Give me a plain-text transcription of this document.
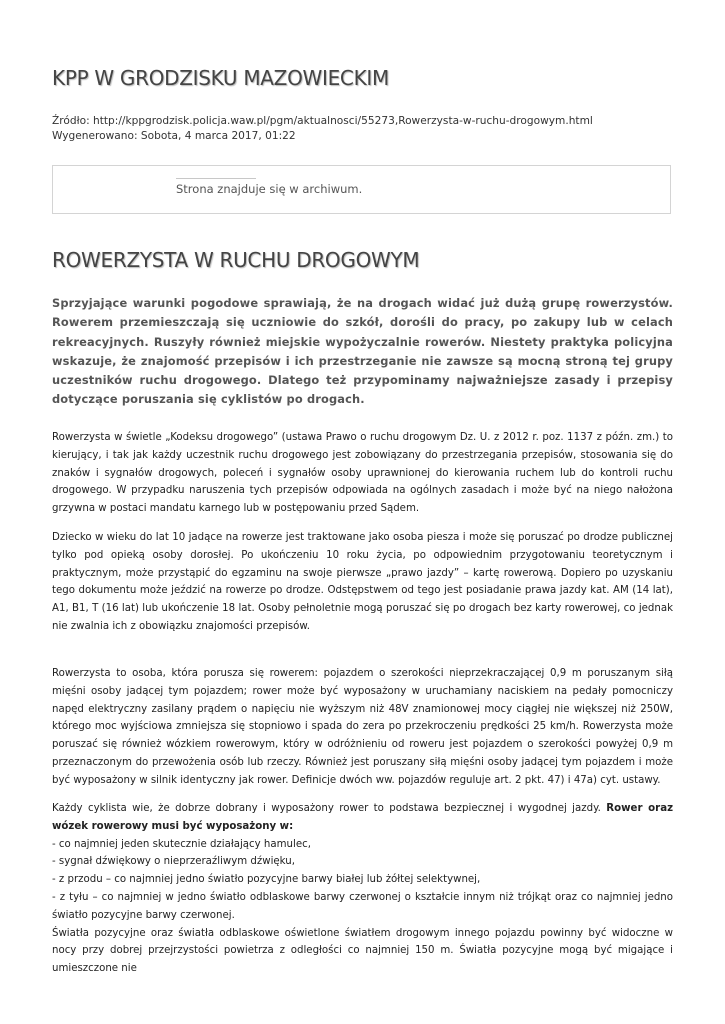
KPP W GRODZISKU MAZOWIECKIM
Źródło: http://kppgrodzisk.policja.waw.pl/pgm/aktualnosci/55273,Rowerzysta-w-ruchu-drogowym.html
Wygenerowano: Sobota, 4 marca 2017, 01:22
Strona znajduje się w archiwum.
ROWERZYSTA W RUCHU DROGOWYM

Sprzyjające warunki pogodowe sprawiają, że na drogach widać już dużą grupę rowerzystów. Rowerem przemieszczają się uczniowie do szkół, dorośli do pracy, po zakupy lub w celach rekreacyjnych. Ruszyły również miejskie wypożyczalnie rowerów. Niestety praktyka policyjna wskazuje, że znajomość przepisów i ich przestrzeganie nie zawsze są mocną stroną tej grupy uczestników ruchu drogowego. Dlatego też przypominamy najważniejsze zasady i przepisy dotyczące poruszania się cyklistów po drogach.

Rowerzysta w świetle „Kodeksu drogowego” (ustawa Prawo o ruchu drogowym Dz. U. z 2012 r. poz. 1137 z późn. zm.) to kierujący, i tak jak każdy uczestnik ruchu drogowego jest zobowiązany do przestrzegania przepisów, stosowania się do znaków i sygnałów drogowych, poleceń i sygnałów osoby uprawnionej do kierowania ruchem lub do kontroli ruchu drogowego. W przypadku naruszenia tych przepisów odpowiada na ogólnych zasadach i może być na niego nałożona grzywna w postaci mandatu karnego lub w postępowaniu przed Sądem.

Dziecko w wieku do lat 10 jadące na rowerze jest traktowane jako osoba piesza i może się poruszać po drodze publicznej tylko pod opieką osoby dorosłej. Po ukończeniu 10 roku życia, po odpowiednim przygotowaniu teoretycznym i praktycznym, może przystąpić do egzaminu na swoje pierwsze „prawo jazdy” – kartę rowerową. Dopiero po uzyskaniu tego dokumentu może jeździć na rowerze po drodze. Odstępstwem od tego jest posiadanie prawa jazdy kat. AM (14 lat), A1, B1, T (16 lat) lub ukończenie 18 lat. Osoby pełnoletnie mogą poruszać się po drogach bez karty rowerowej, co jednak nie zwalnia ich z obowiązku znajomości przepisów.

Rowerzysta to osoba, która porusza się rowerem: pojazdem o szerokości nieprzekraczającej 0,9 m poruszanym siłą mięśni osoby jadącej tym pojazdem; rower może być wyposażony w uruchamiany naciskiem na pedały pomocniczy napęd elektryczny zasilany prądem o napięciu nie wyższym niż 48V znamionowej mocy ciągłej nie większej niż 250W, którego moc wyjściowa zmniejsza się stopniowo i spada do zera po przekroczeniu prędkości 25 km/h. Rowerzysta może poruszać się również wózkiem rowerowym, który w odróżnieniu od roweru jest pojazdem o szerokości powyżej 0,9 m przeznaczonym do przewożenia osób lub rzeczy. Również jest poruszany siłą mięśni osoby jadącej tym pojazdem i może być wyposażony w silnik identyczny jak rower. Definicje dwóch ww. pojazdów reguluje art. 2 pkt. 47) i 47a) cyt. ustawy.

Każdy cyklista wie, że dobrze dobrany i wyposażony rower to podstawa bezpiecznej i wygodnej jazdy. Rower oraz wózek rowerowy musi być wyposażony w:
- co najmniej jeden skutecznie działający hamulec,
- sygnał dźwiękowy o nieprzeraźliwym dźwięku,
- z przodu – co najmniej jedno światło pozycyjne barwy białej lub żółtej selektywnej,
- z tyłu – co najmniej w jedno światło odblaskowe barwy czerwonej o kształcie innym niż trójkąt oraz co najmniej jedno światło pozycyjne barwy czerwonej.
Światła pozycyjne oraz światła odblaskowe oświetlone światłem drogowym innego pojazdu powinny być widoczne w nocy przy dobrej przejrzystości powietrza z odległości co najmniej 150 m. Światła pozycyjne mogą być migające i umieszczone nie
